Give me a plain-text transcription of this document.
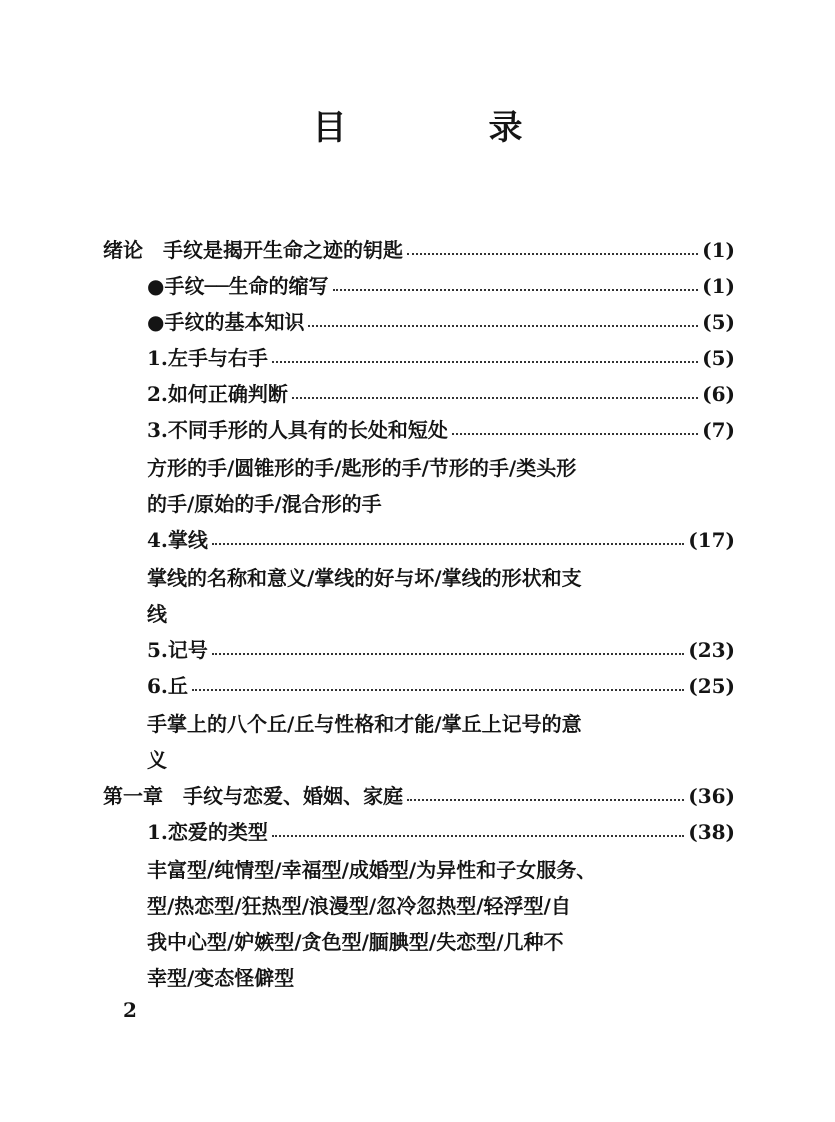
目　录
绪论　手纹是揭开生命之迹的钥匙	(1)
●手纹──生命的缩写	(1)
●手纹的基本知识	(5)
1.左手与右手	(5)
2.如何正确判断	(6)
3.不同手形的人具有的长处和短处	(7)
方形的手/圆锥形的手/匙形的手/节形的手/类头形
的手/原始的手/混合形的手
4.掌线	(17)
掌线的名称和意义/掌线的好与坏/掌线的形状和支
线
5.记号	(23)
6.丘	(25)
手掌上的八个丘/丘与性格和才能/掌丘上记号的意
义
第一章　手纹与恋爱、婚姻、家庭	(36)
1.恋爱的类型	(38)
丰富型/纯情型/幸福型/成婚型/为异性和子女服务、
型/热恋型/狂热型/浪漫型/忽冷忽热型/轻浮型/自
我中心型/妒嫉型/贪色型/腼腆型/失恋型/几种不
幸型/变态怪僻型
2
